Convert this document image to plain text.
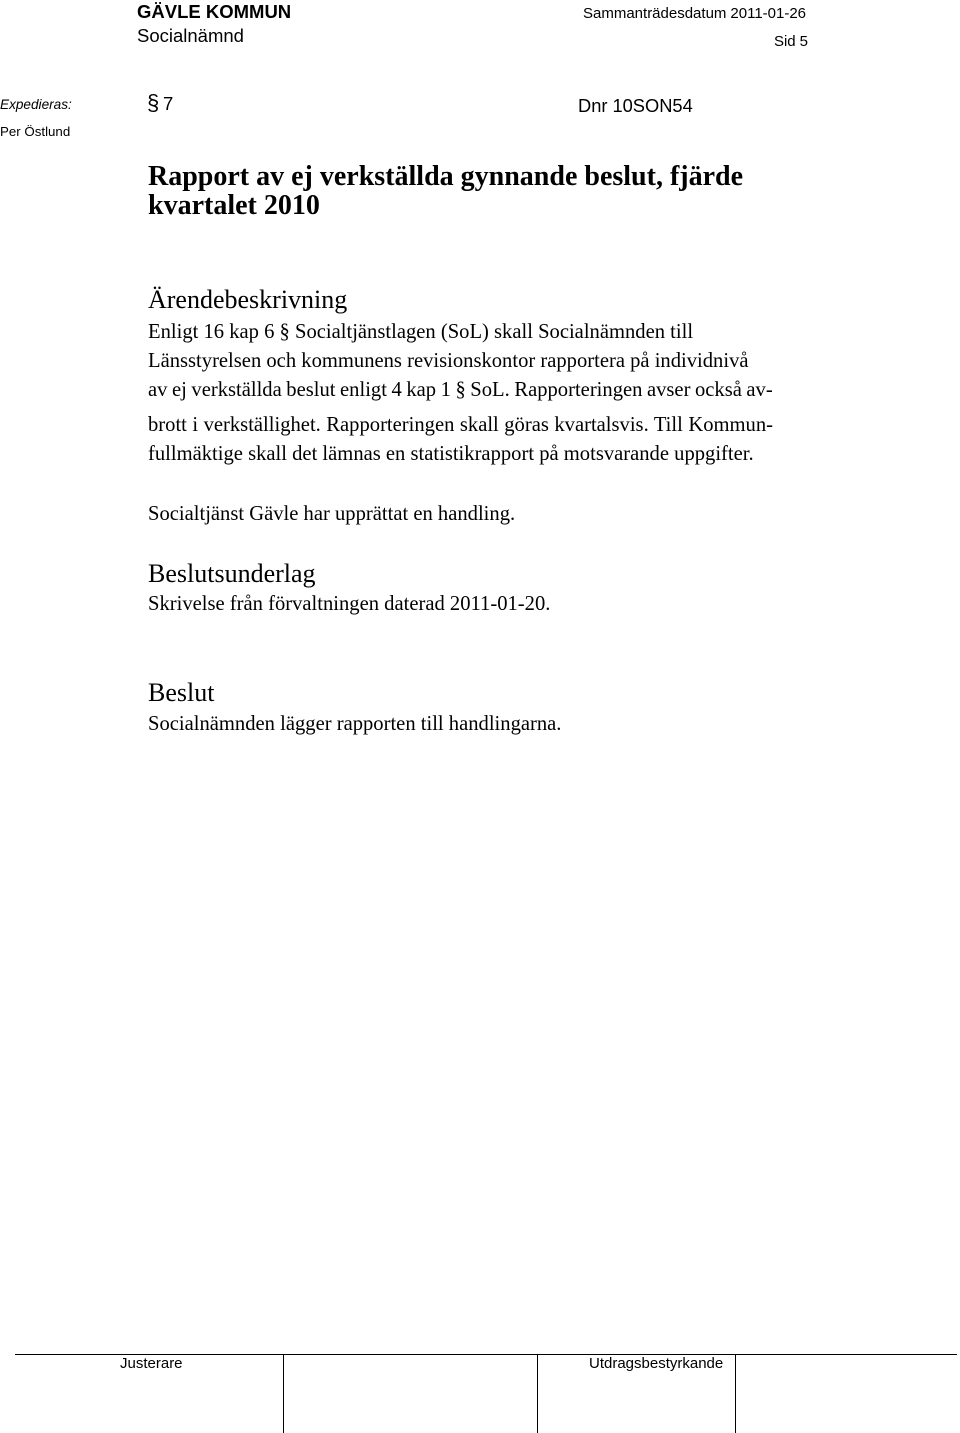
GÄVLE KOMMUN
Socialnämnd
Sammanträdesdatum 2011-01-26
Sid 5
Expedieras:
Per Östlund
§ 7	Dnr 10SON54
Rapport av ej verkställda gynnande beslut, fjärde
kvartalet 2010
Ärendebeskrivning
Enligt 16 kap 6 § Socialtjänstlagen (SoL) skall Socialnämnden till
Länsstyrelsen och kommunens revisionskontor rapportera på individnivå
av ej verkställda beslut enligt 4 kap 1 § SoL. Rapporteringen avser också av-
brott i verkställighet. Rapporteringen skall göras kvartalsvis. Till Kommun-
fullmäktige skall det lämnas en statistikrapport på motsvarande uppgifter.
Socialtjänst Gävle har upprättat en handling.
Beslutsunderlag
Skrivelse från förvaltningen daterad 2011-01-20.
Beslut
Socialnämnden lägger rapporten till handlingarna.
Justerare	Utdragsbestyrkande
